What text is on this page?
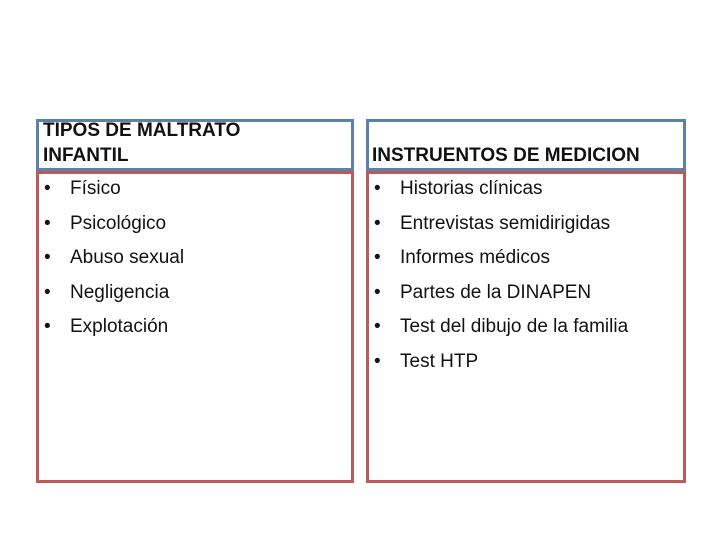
TIPOS DE MALTRATO
INFANTIL	INSTRUENTOS DE MEDICION
•	Físico
•	Psicológico
•	Abuso sexual
•	Negligencia
•	Explotación
•	Historias clínicas
•	Entrevistas semidirigidas
•	Informes médicos
•	Partes de la DINAPEN
•	Test del dibujo de la familia
•	Test HTP
